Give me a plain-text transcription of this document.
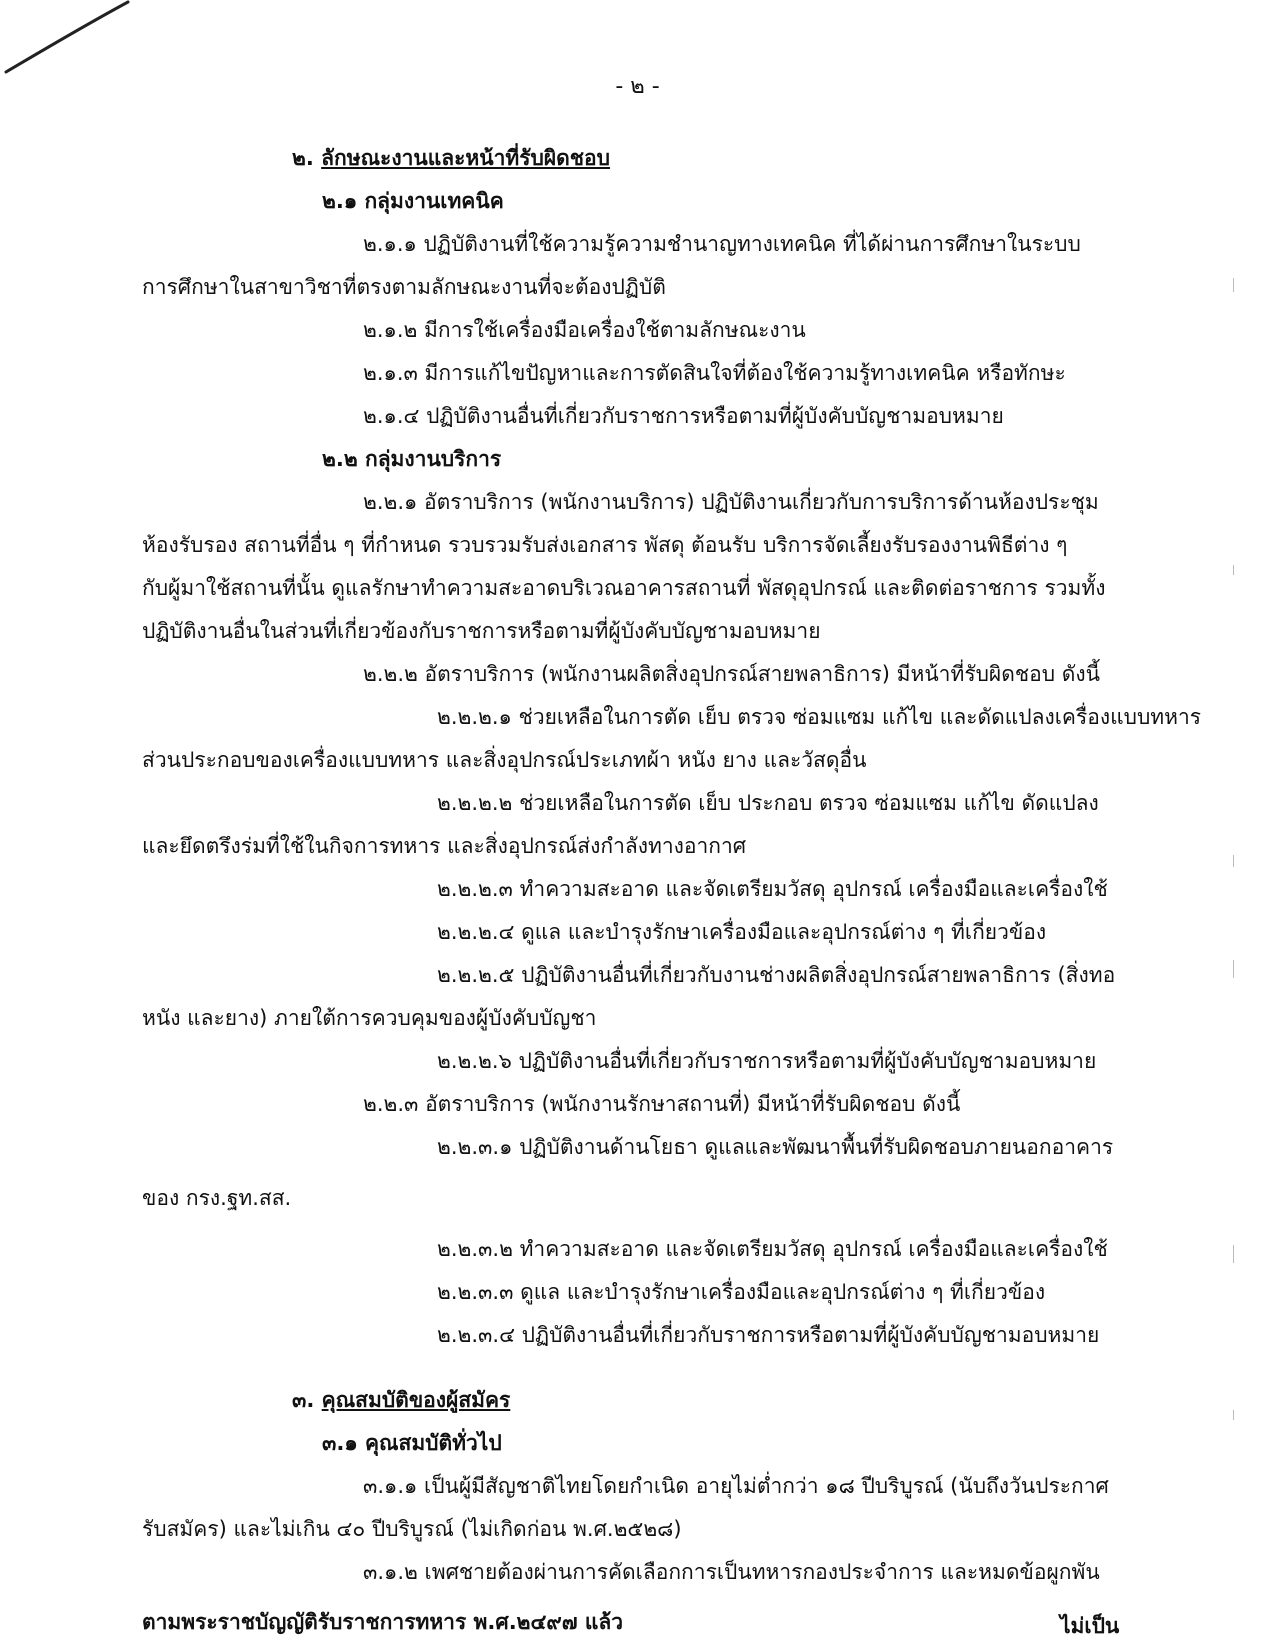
- ๒ -
๒. ลักษณะงานและหน้าที่รับผิดชอบ
๒.๑ กลุ่มงานเทคนิค
๒.๑.๑ ปฏิบัติงานที่ใช้ความรู้ความชำนาญทางเทคนิค ที่ได้ผ่านการศึกษาในระบบ
การศึกษาในสาขาวิชาที่ตรงตามลักษณะงานที่จะต้องปฏิบัติ
๒.๑.๒ มีการใช้เครื่องมือเครื่องใช้ตามลักษณะงาน
๒.๑.๓ มีการแก้ไขปัญหาและการตัดสินใจที่ต้องใช้ความรู้ทางเทคนิค หรือทักษะ
๒.๑.๔ ปฏิบัติงานอื่นที่เกี่ยวกับราชการหรือตามที่ผู้บังคับบัญชามอบหมาย
๒.๒ กลุ่มงานบริการ
๒.๒.๑ อัตราบริการ (พนักงานบริการ) ปฏิบัติงานเกี่ยวกับการบริการด้านห้องประชุม
ห้องรับรอง สถานที่อื่น ๆ ที่กำหนด รวบรวมรับส่งเอกสาร พัสดุ ต้อนรับ บริการจัดเลี้ยงรับรองงานพิธีต่าง ๆ
กับผู้มาใช้สถานที่นั้น ดูแลรักษาทำความสะอาดบริเวณอาคารสถานที่ พัสดุอุปกรณ์ และติดต่อราชการ รวมทั้ง
ปฏิบัติงานอื่นในส่วนที่เกี่ยวข้องกับราชการหรือตามที่ผู้บังคับบัญชามอบหมาย
๒.๒.๒ อัตราบริการ (พนักงานผลิตสิ่งอุปกรณ์สายพลาธิการ) มีหน้าที่รับผิดชอบ ดังนี้
๒.๒.๒.๑ ช่วยเหลือในการตัด เย็บ ตรวจ ซ่อมแซม แก้ไข และดัดแปลงเครื่องแบบทหาร
ส่วนประกอบของเครื่องแบบทหาร และสิ่งอุปกรณ์ประเภทผ้า หนัง ยาง และวัสดุอื่น
๒.๒.๒.๒ ช่วยเหลือในการตัด เย็บ ประกอบ ตรวจ ซ่อมแซม แก้ไข ดัดแปลง
และยึดตรึงร่มที่ใช้ในกิจการทหาร และสิ่งอุปกรณ์ส่งกำลังทางอากาศ
๒.๒.๒.๓ ทำความสะอาด และจัดเตรียมวัสดุ อุปกรณ์ เครื่องมือและเครื่องใช้
๒.๒.๒.๔ ดูแล และบำรุงรักษาเครื่องมือและอุปกรณ์ต่าง ๆ ที่เกี่ยวข้อง
๒.๒.๒.๕ ปฏิบัติงานอื่นที่เกี่ยวกับงานช่างผลิตสิ่งอุปกรณ์สายพลาธิการ (สิ่งทอ
หนัง และยาง) ภายใต้การควบคุมของผู้บังคับบัญชา
๒.๒.๒.๖ ปฏิบัติงานอื่นที่เกี่ยวกับราชการหรือตามที่ผู้บังคับบัญชามอบหมาย
๒.๒.๓ อัตราบริการ (พนักงานรักษาสถานที่) มีหน้าที่รับผิดชอบ ดังนี้
๒.๒.๓.๑ ปฏิบัติงานด้านโยธา ดูแลและพัฒนาพื้นที่รับผิดชอบภายนอกอาคาร
ของ กรง.ฐท.สส.
๒.๒.๓.๒ ทำความสะอาด และจัดเตรียมวัสดุ อุปกรณ์ เครื่องมือและเครื่องใช้
๒.๒.๓.๓ ดูแล และบำรุงรักษาเครื่องมือและอุปกรณ์ต่าง ๆ ที่เกี่ยวข้อง
๒.๒.๓.๔ ปฏิบัติงานอื่นที่เกี่ยวกับราชการหรือตามที่ผู้บังคับบัญชามอบหมาย
๓. คุณสมบัติของผู้สมัคร
๓.๑ คุณสมบัติทั่วไป
๓.๑.๑ เป็นผู้มีสัญชาติไทยโดยกำเนิด อายุไม่ต่ำกว่า ๑๘ ปีบริบูรณ์ (นับถึงวันประกาศ
รับสมัคร) และไม่เกิน ๔๐ ปีบริบูรณ์ (ไม่เกิดก่อน พ.ศ.๒๕๒๘)
๓.๑.๒ เพศชายต้องผ่านการคัดเลือกการเป็นทหารกองประจำการ และหมดข้อผูกพัน
ตามพระราชบัญญัติรับราชการทหาร พ.ศ.๒๔๙๗ แล้ว	ไม่เป็น
